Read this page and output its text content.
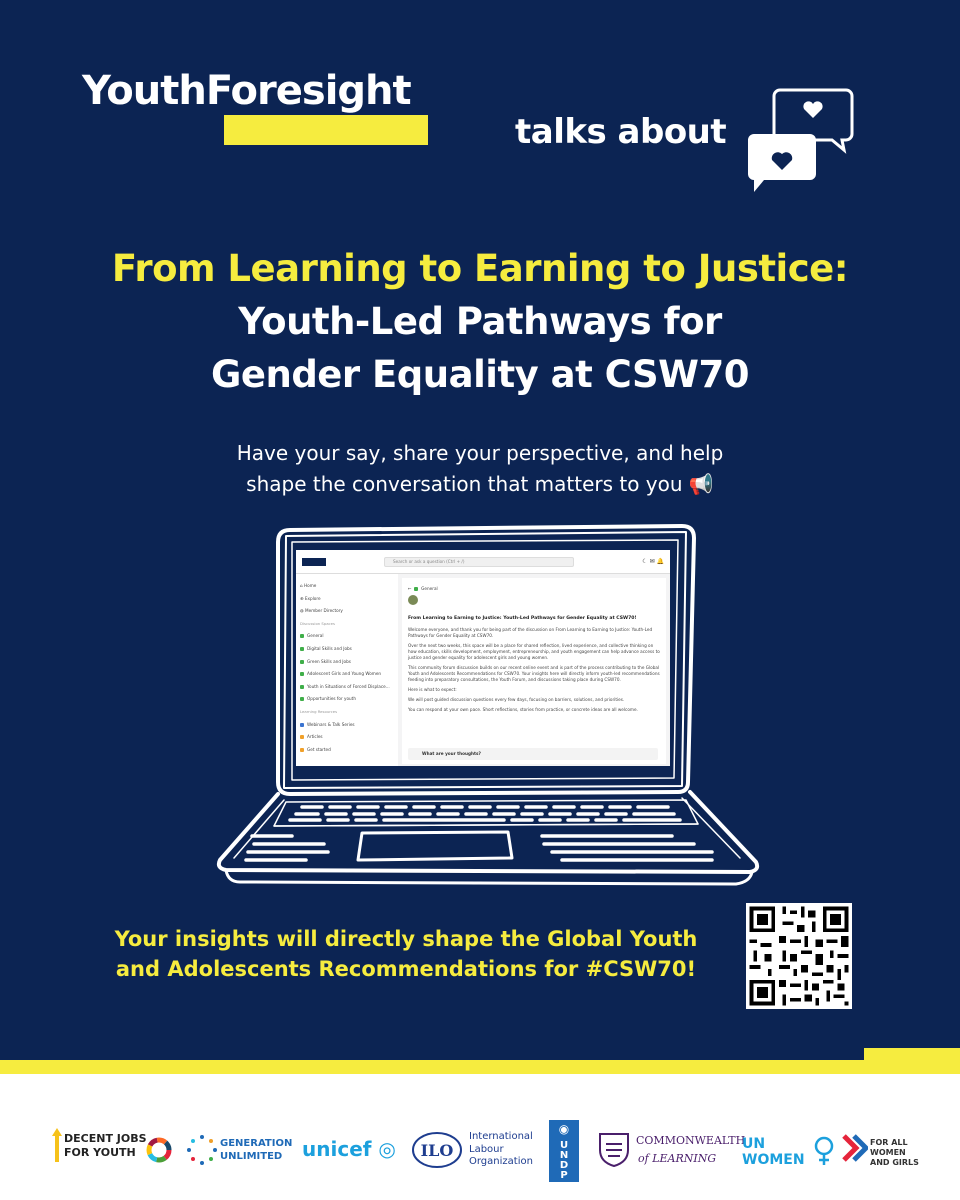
YouthForesight
talks about
From Learning to Earning to Justice:
Youth-Led Pathways for
Gender Equality at CSW70
Have your say, share your perspective, and help
shape the conversation that matters to you 📢
Search or ask a question (Ctrl + /)	☾ ✉ 🔔
⌂ Home
⊕ Explore
◍ Member Directory
Discussion Spaces
General
Digital Skills and Jobs
Green Skills and Jobs
Adolescent Girls and Young Women
Youth in Situations of Forced Displace...
Opportunities for youth
Learning Resources
Webinars & Talk Series
Articles
Get started
←  General
From Learning to Earning to Justice: Youth-Led Pathways for Gender Equality at CSW70!

Welcome everyone, and thank you for being part of the discussion on From Learning to Earning to Justice: Youth-Led Pathways for Gender Equality at CSW70.

Over the next two weeks, this space will be a place for shared reflection, lived experience, and collective thinking on how education, skills development, employment, entrepreneurship, and youth engagement can help advance access to justice and gender equality for adolescent girls and young women.

This community forum discussion builds on our recent online event and is part of the process contributing to the Global Youth and Adolescents Recommendations for CSW70. Your insights here will directly inform youth-led recommendations feeding into preparatory consultations, the Youth Forum, and discussions taking place during CSW70.

Here is what to expect:

We will post guided discussion questions every few days, focusing on barriers, solutions, and priorities.

You can respond at your own pace. Short reflections, stories from practice, or concrete ideas are all welcome.

What are your thoughts?
Your insights will directly shape the Global Youth
and Adolescents Recommendations for #CSW70!
DECENT JOBS
FOR YOUTH
GENERATION
UNLIMITED unicef ◎ ILO
International
Labour
Organization
◉
U
N
D
P
COMMONWEALTH
of LEARNING
UN
WOMEN
FOR ALL
WOMEN
AND GIRLS
